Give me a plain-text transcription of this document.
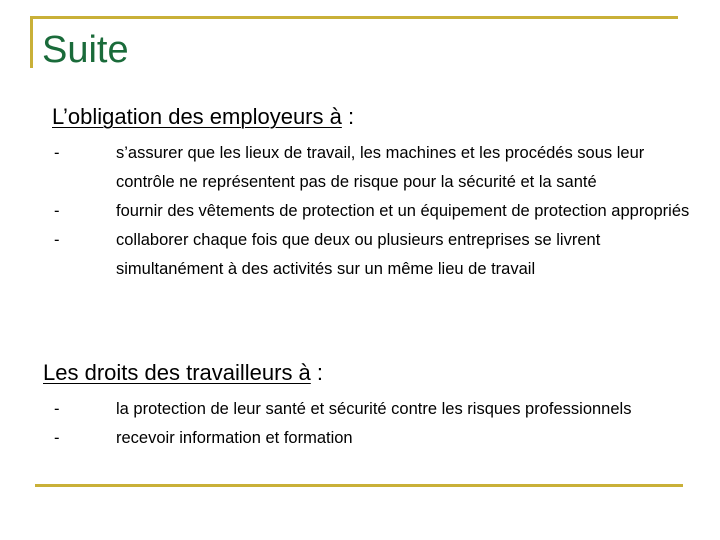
Suite
L’obligation des employeurs à :
-	s’assurer que les lieux de travail, les machines et les procédés sous leur contrôle ne représentent pas de risque pour la sécurité et la santé
-	fournir des vêtements de protection et un équipement de protection appropriés
-	collaborer chaque fois que deux ou plusieurs entreprises se livrent simultanément à des activités sur un même lieu de travail
Les droits des travailleurs à :
-	la protection de leur santé et sécurité contre les risques professionnels
-	recevoir information et formation
